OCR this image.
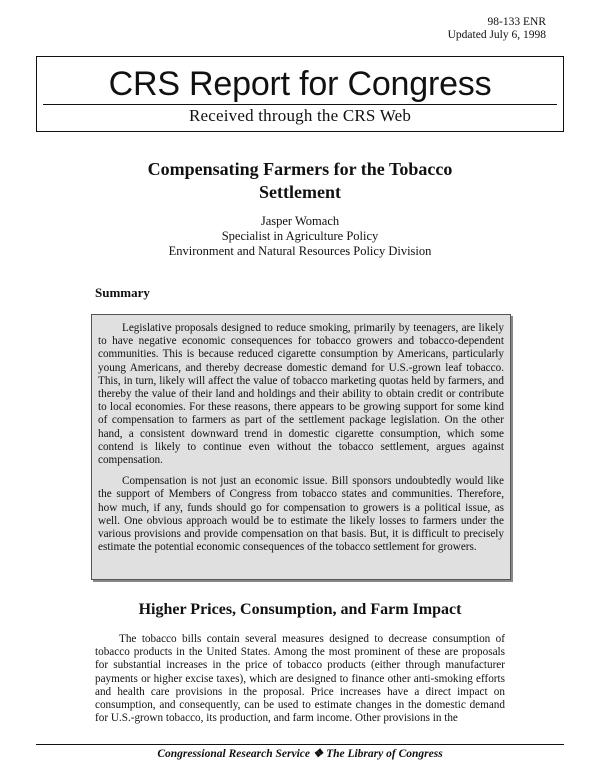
98-133 ENR
Updated July 6, 1998
CRS Report for Congress
Received through the CRS Web
Compensating Farmers for the Tobacco Settlement
Jasper Womach
Specialist in Agriculture Policy
Environment and Natural Resources Policy Division
Summary

Legislative proposals designed to reduce smoking, primarily by teenagers, are likely to have negative economic consequences for tobacco growers and tobacco-dependent communities. This is because reduced cigarette consumption by Americans, particularly young Americans, and thereby decrease domestic demand for U.S.-grown leaf tobacco. This, in turn, likely will affect the value of tobacco marketing quotas held by farmers, and thereby the value of their land and holdings and their ability to obtain credit or contribute to local economies. For these reasons, there appears to be growing support for some kind of compensation to farmers as part of the settlement package legislation. On the other hand, a consistent downward trend in domestic cigarette consumption, which some contend is likely to continue even without the tobacco settlement, argues against compensation.

Compensation is not just an economic issue. Bill sponsors undoubtedly would like the support of Members of Congress from tobacco states and communities. Therefore, how much, if any, funds should go for compensation to growers is a political issue, as well. One obvious approach would be to estimate the likely losses to farmers under the various provisions and provide compensation on that basis. But, it is difficult to precisely estimate the potential economic consequences of the tobacco settlement for growers.

Higher Prices, Consumption, and Farm Impact

The tobacco bills contain several measures designed to decrease consumption of tobacco products in the United States. Among the most prominent of these are proposals for substantial increases in the price of tobacco products (either through manufacturer payments or higher excise taxes), which are designed to finance other anti-smoking efforts and health care provisions in the proposal. Price increases have a direct impact on consumption, and consequently, can be used to estimate changes in the domestic demand for U.S.-grown tobacco, its production, and farm income. Other provisions in the

Congressional Research Service ❖ The Library of Congress
